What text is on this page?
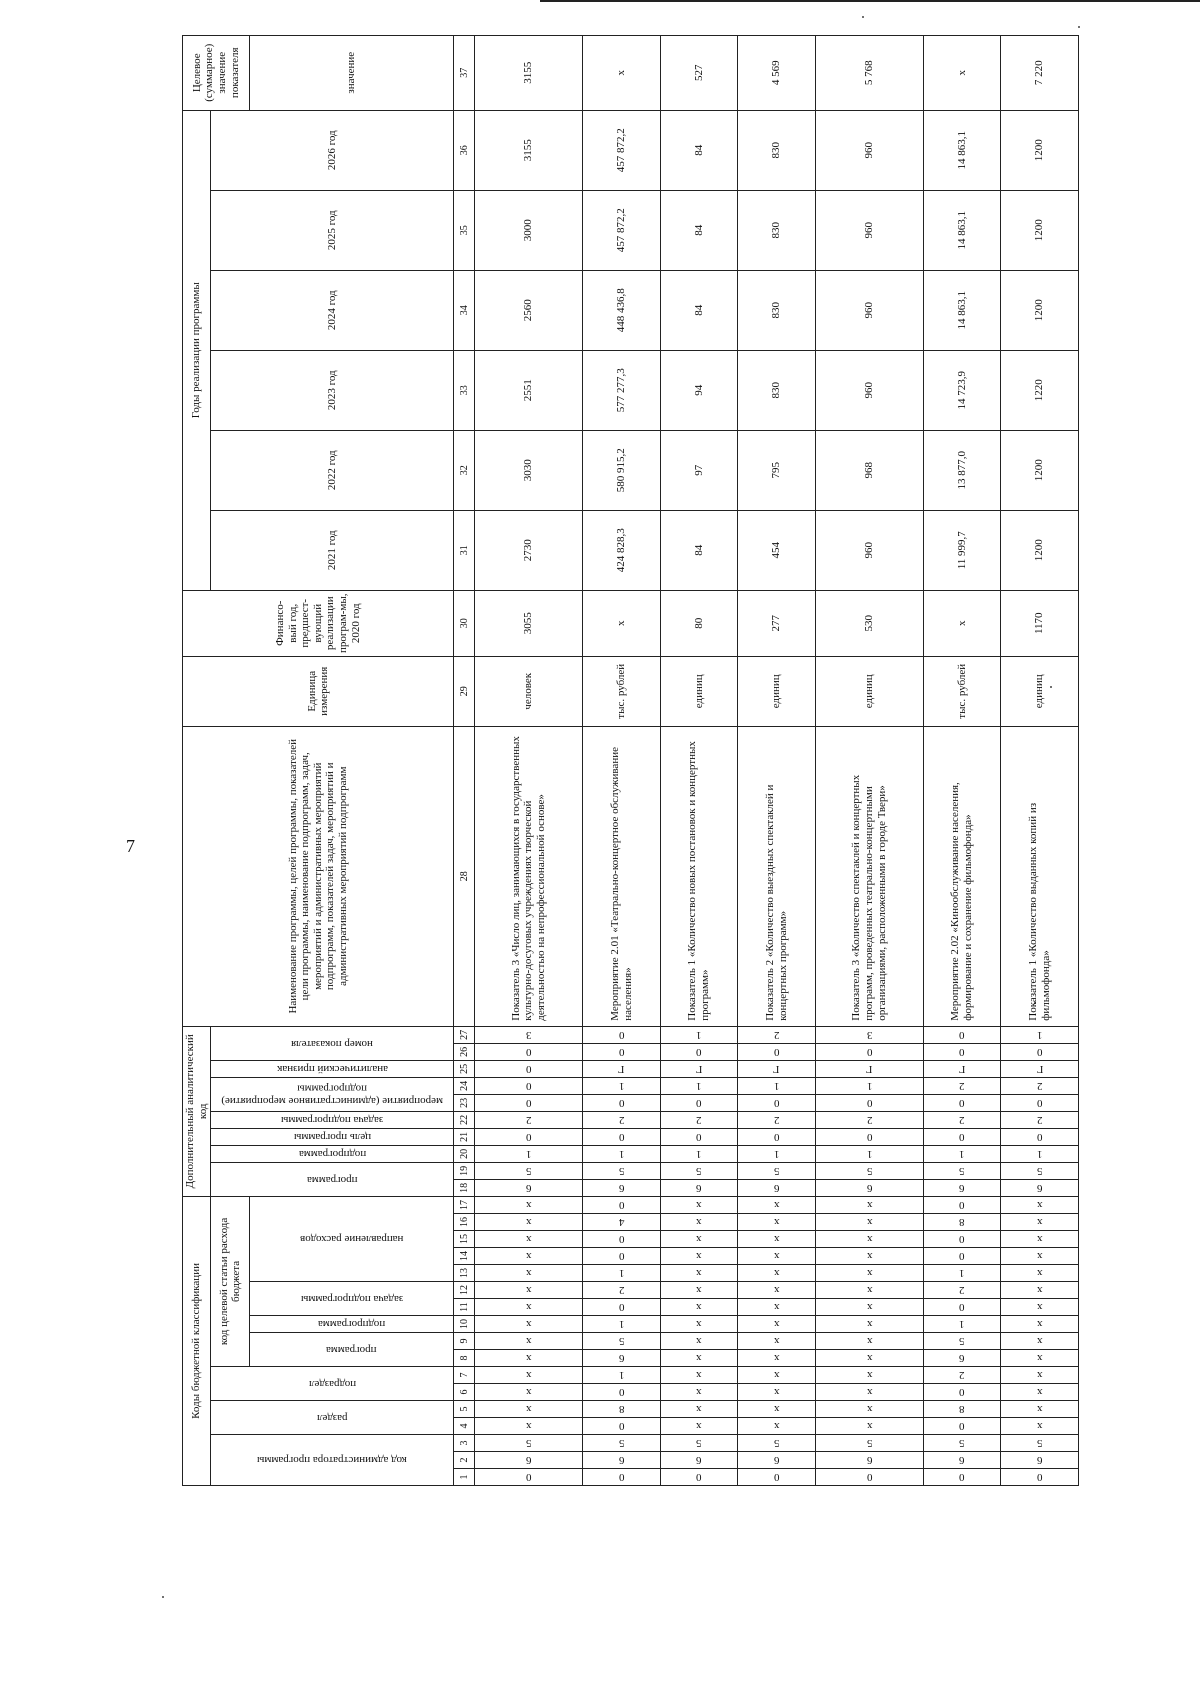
7
Коды бюджетной классификации																	Дополнительный аналитический код										Наименование программы, целей программы, показателей цели программы, наименование подпрограмм, задач, мероприятий и административных мероприятий подпрограмм, показателей задач, мероприятий и административных мероприятий подпрограмм	Единица измерения	Финансо-вый год, предшест-вующий реализации програм-мы, 2020 год	Годы реализации программы						Целевое (суммарное) значение показателя

код администратора программы			раздел		подраздел		код целевой статьи расхода бюджета										программа		подпрограмма	цель программы	задача подпрограммы	мероприятие (административное мероприятие) подпрограммы		аналитический признак	номер показателя					2021 год	2022 год	2023 год	2024 год	2025 год	2026 год	

							программа		подпрограмма	задача подпрограммы		направление расходов																								значение
1	2	3	4	5	6	7	8	9	10	11	12	13	14	15	16	17	18	19	20	21	22	23	24	25	26	27	28	29	30	31	32	33	34	35	36	37

0	6	5	x	x	x	x	x	x	x	x	x	x	x	x	x	x	6	5	1	0	2	0	0	0	0	3	Показатель 3 «Число лиц, занимающихся в государственных культурно-досуговых учреждениях творческой деятельностью на непрофессиональной основе»	человек	3055	2730	3030	2551	2560	3000	3155	3155

0	6	5	0	8	0	1	6	5	1	0	2	1	0	0	4	0	6	5	1	0	2	0	1	Г	0	0	Мероприятие 2.01 «Театрально-концертное обслуживание населения»	тыс. рублей	x	424 828,3	580 915,2	577 277,3	448 436,8	457 872,2	457 872,2	x

0	6	5	x	x	x	x	x	x	x	x	x	x	x	x	x	x	6	5	1	0	2	0	1	Г	0	1	Показатель 1 «Количество новых постановок и концертных программ»	единиц	80	84	97	94	84	84	84	527

0	6	5	x	x	x	x	x	x	x	x	x	x	x	x	x	x	6	5	1	0	2	0	1	Г	0	2	Показатель 2 «Количество выездных спектаклей и концертных программ»	единиц	277	454	795	830	830	830	830	4 569

0	6	5	x	x	x	x	x	x	x	x	x	x	x	x	x	x	6	5	1	0	2	0	1	Г	0	3	Показатель 3 «Количество спектаклей и концертных программ, проведенных театрально-концертными организациями, расположенными в городе Твери»	единиц	530	960	968	960	960	960	960	5 768

0	6	5	0	8	0	2	6	5	1	0	2	1	0	0	8	0	6	5	1	0	2	0	2	Г	0	0	Мероприятие 2.02 «Кинообслуживание населения, формирование и сохранение фильмофонда»	тыс. рублей	x	11 999,7	13 877,0	14 723,9	14 863,1	14 863,1	14 863,1	x

0	6	5	x	x	x	x	x	x	x	x	x	x	x	x	x	x	6	5	1	0	2	0	2	Г	0	1	Показатель 1 «Количество выданных копий из фильмофонда»	единиц	1170	1200	1200	1220	1200	1200	1200	7 220
